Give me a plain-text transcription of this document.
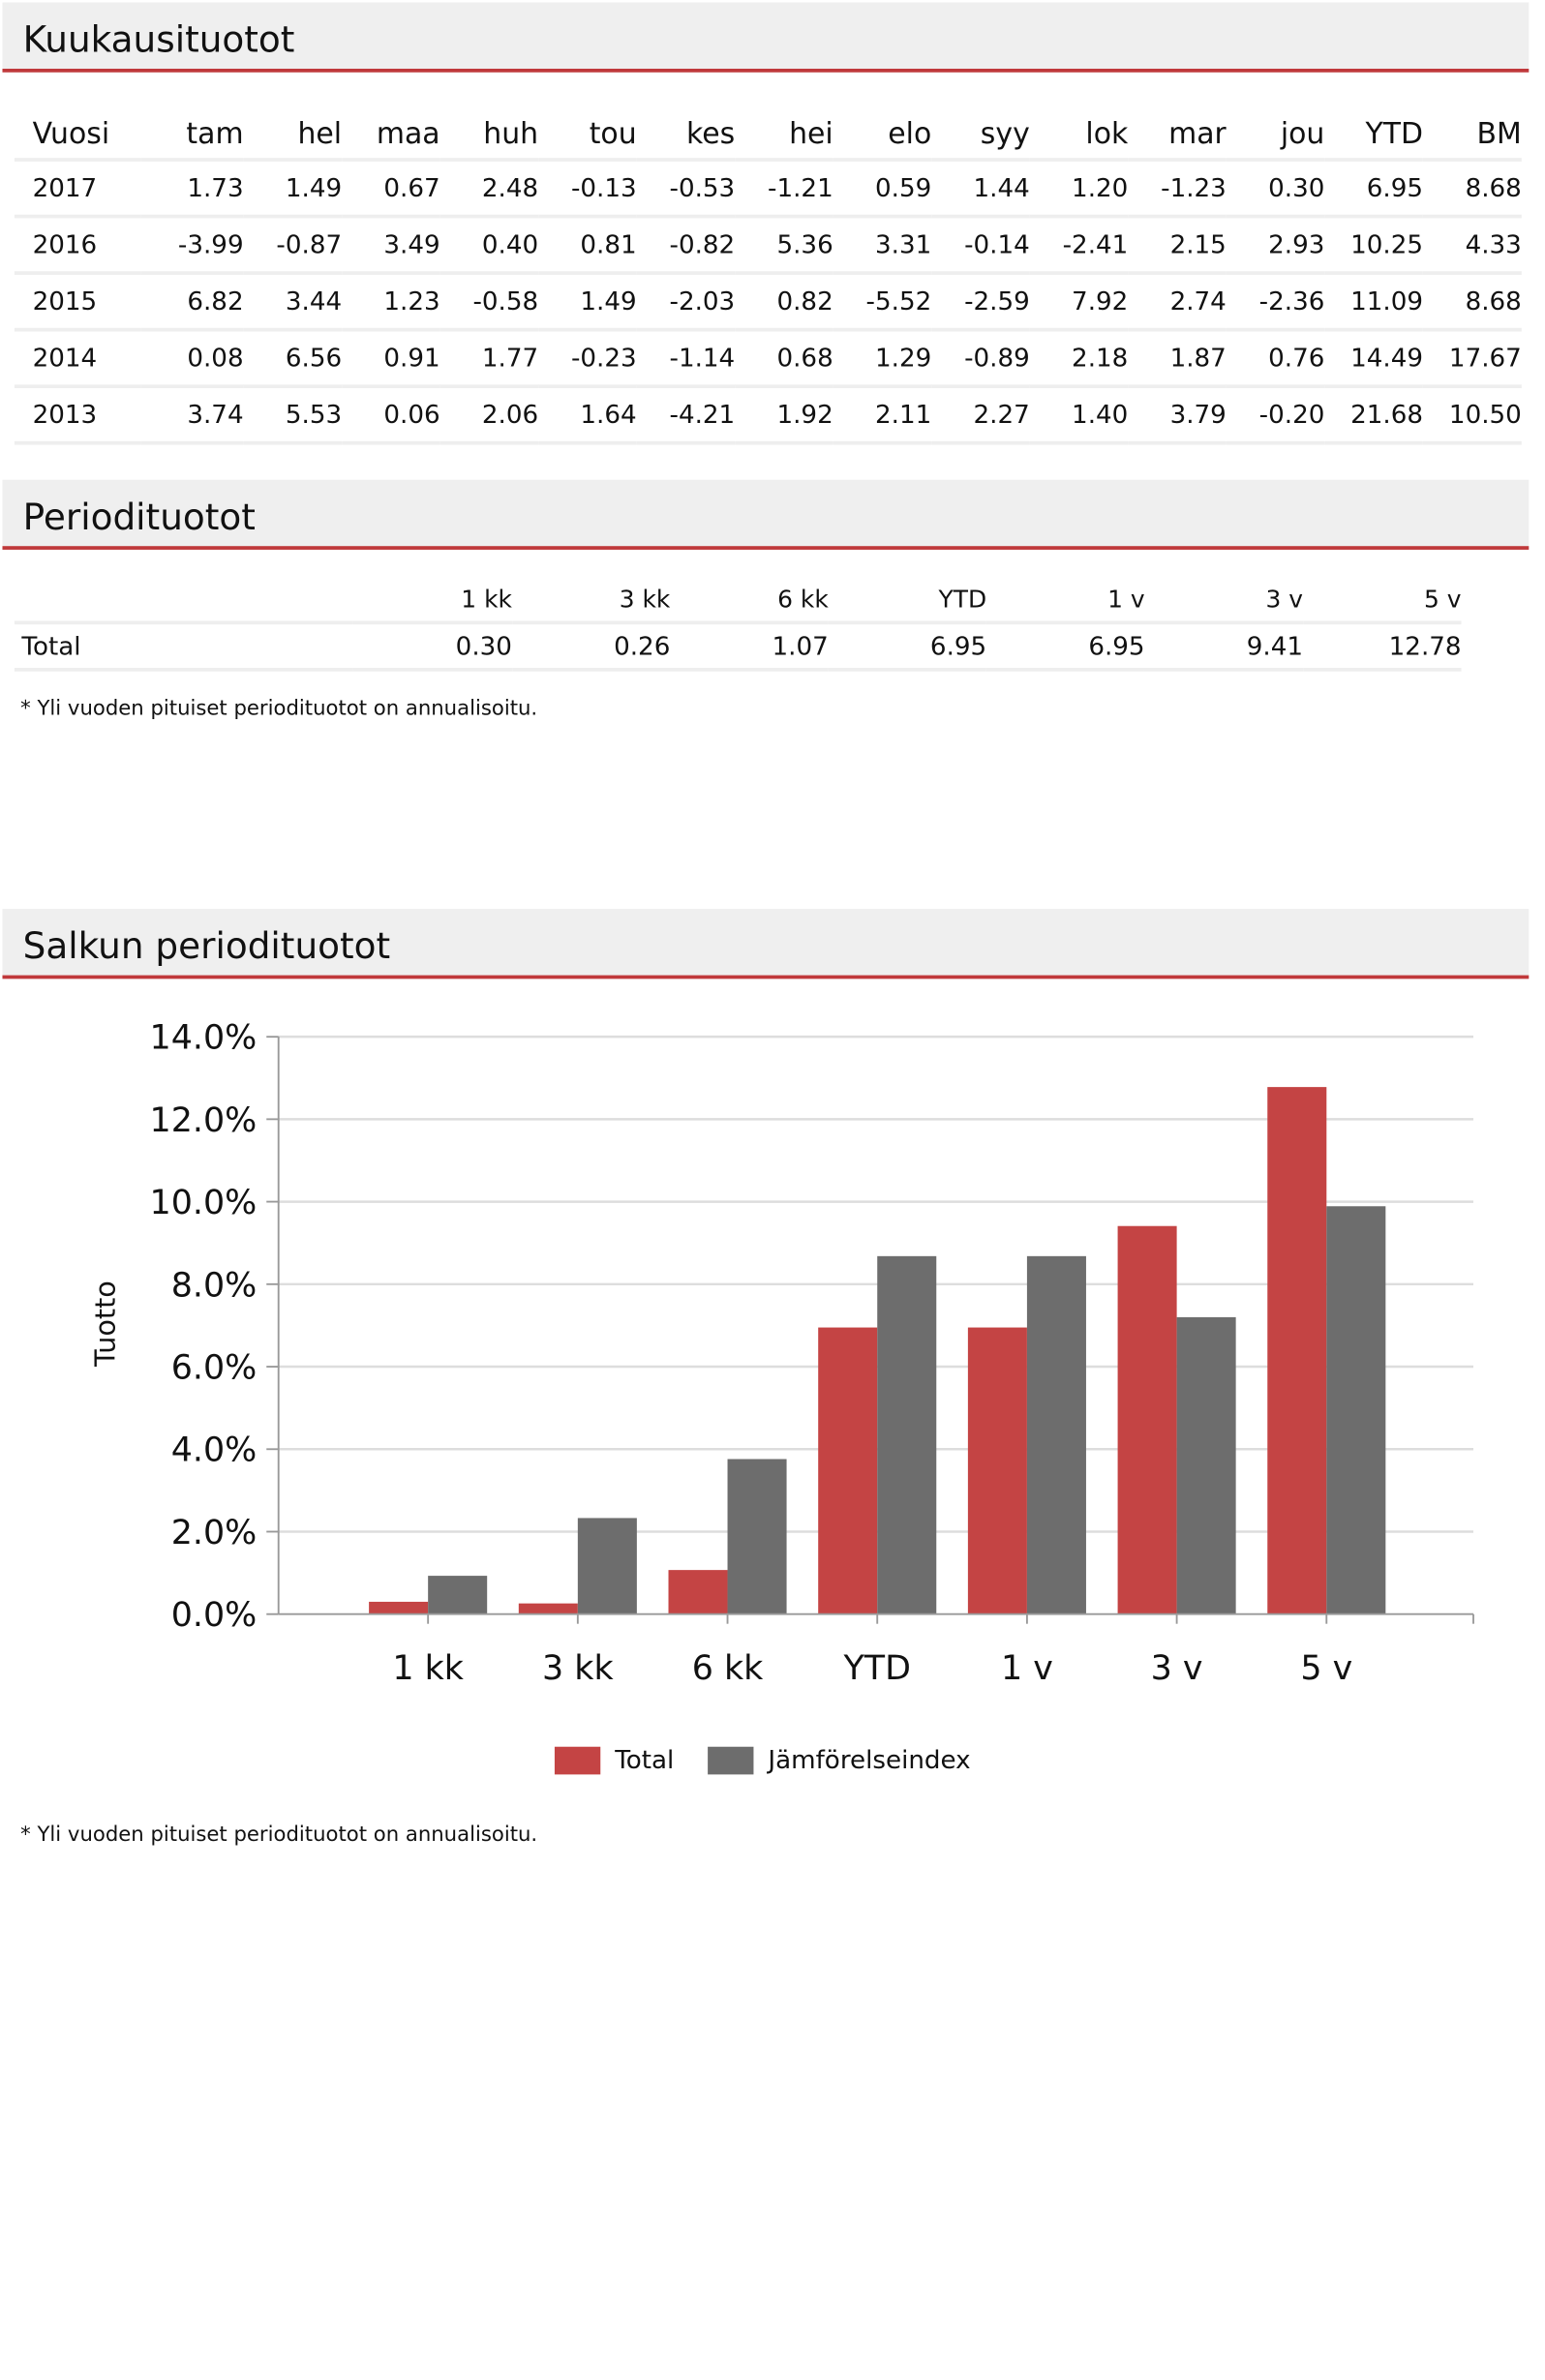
Kuukausituotot
Vuosi	tam	hel	maa	huh	tou	kes	hei	elo	syy	lok	mar	jou	YTD	BM
2017	1.73	1.49	0.67	2.48	-0.13	-0.53	-1.21	0.59	1.44	1.20	-1.23	0.30	6.95	8.68
2016	-3.99	-0.87	3.49	0.40	0.81	-0.82	5.36	3.31	-0.14	-2.41	2.15	2.93	10.25	4.33
2015	6.82	3.44	1.23	-0.58	1.49	-2.03	0.82	-5.52	-2.59	7.92	2.74	-2.36	11.09	8.68
2014	0.08	6.56	0.91	1.77	-0.23	-1.14	0.68	1.29	-0.89	2.18	1.87	0.76	14.49	17.67
2013	3.74	5.53	0.06	2.06	1.64	-4.21	1.92	2.11	2.27	1.40	3.79	-0.20	21.68	10.50
Periodituotot
	1 kk	3 kk	6 kk	YTD	1 v	3 v	5 v
Total	0.30	0.26	1.07	6.95	6.95	9.41	12.78
* Yli vuoden pituiset periodituotot on annualisoitu.
Salkun periodituotot
0.0%
2.0%
4.0%
6.0%
8.0%
10.0%
12.0%
14.0%
1 kk	3 kk	6 kk	YTD	1 v	3 v	5 v
Tuotto
Total	Jämförelseindex
* Yli vuoden pituiset periodituotot on annualisoitu.
